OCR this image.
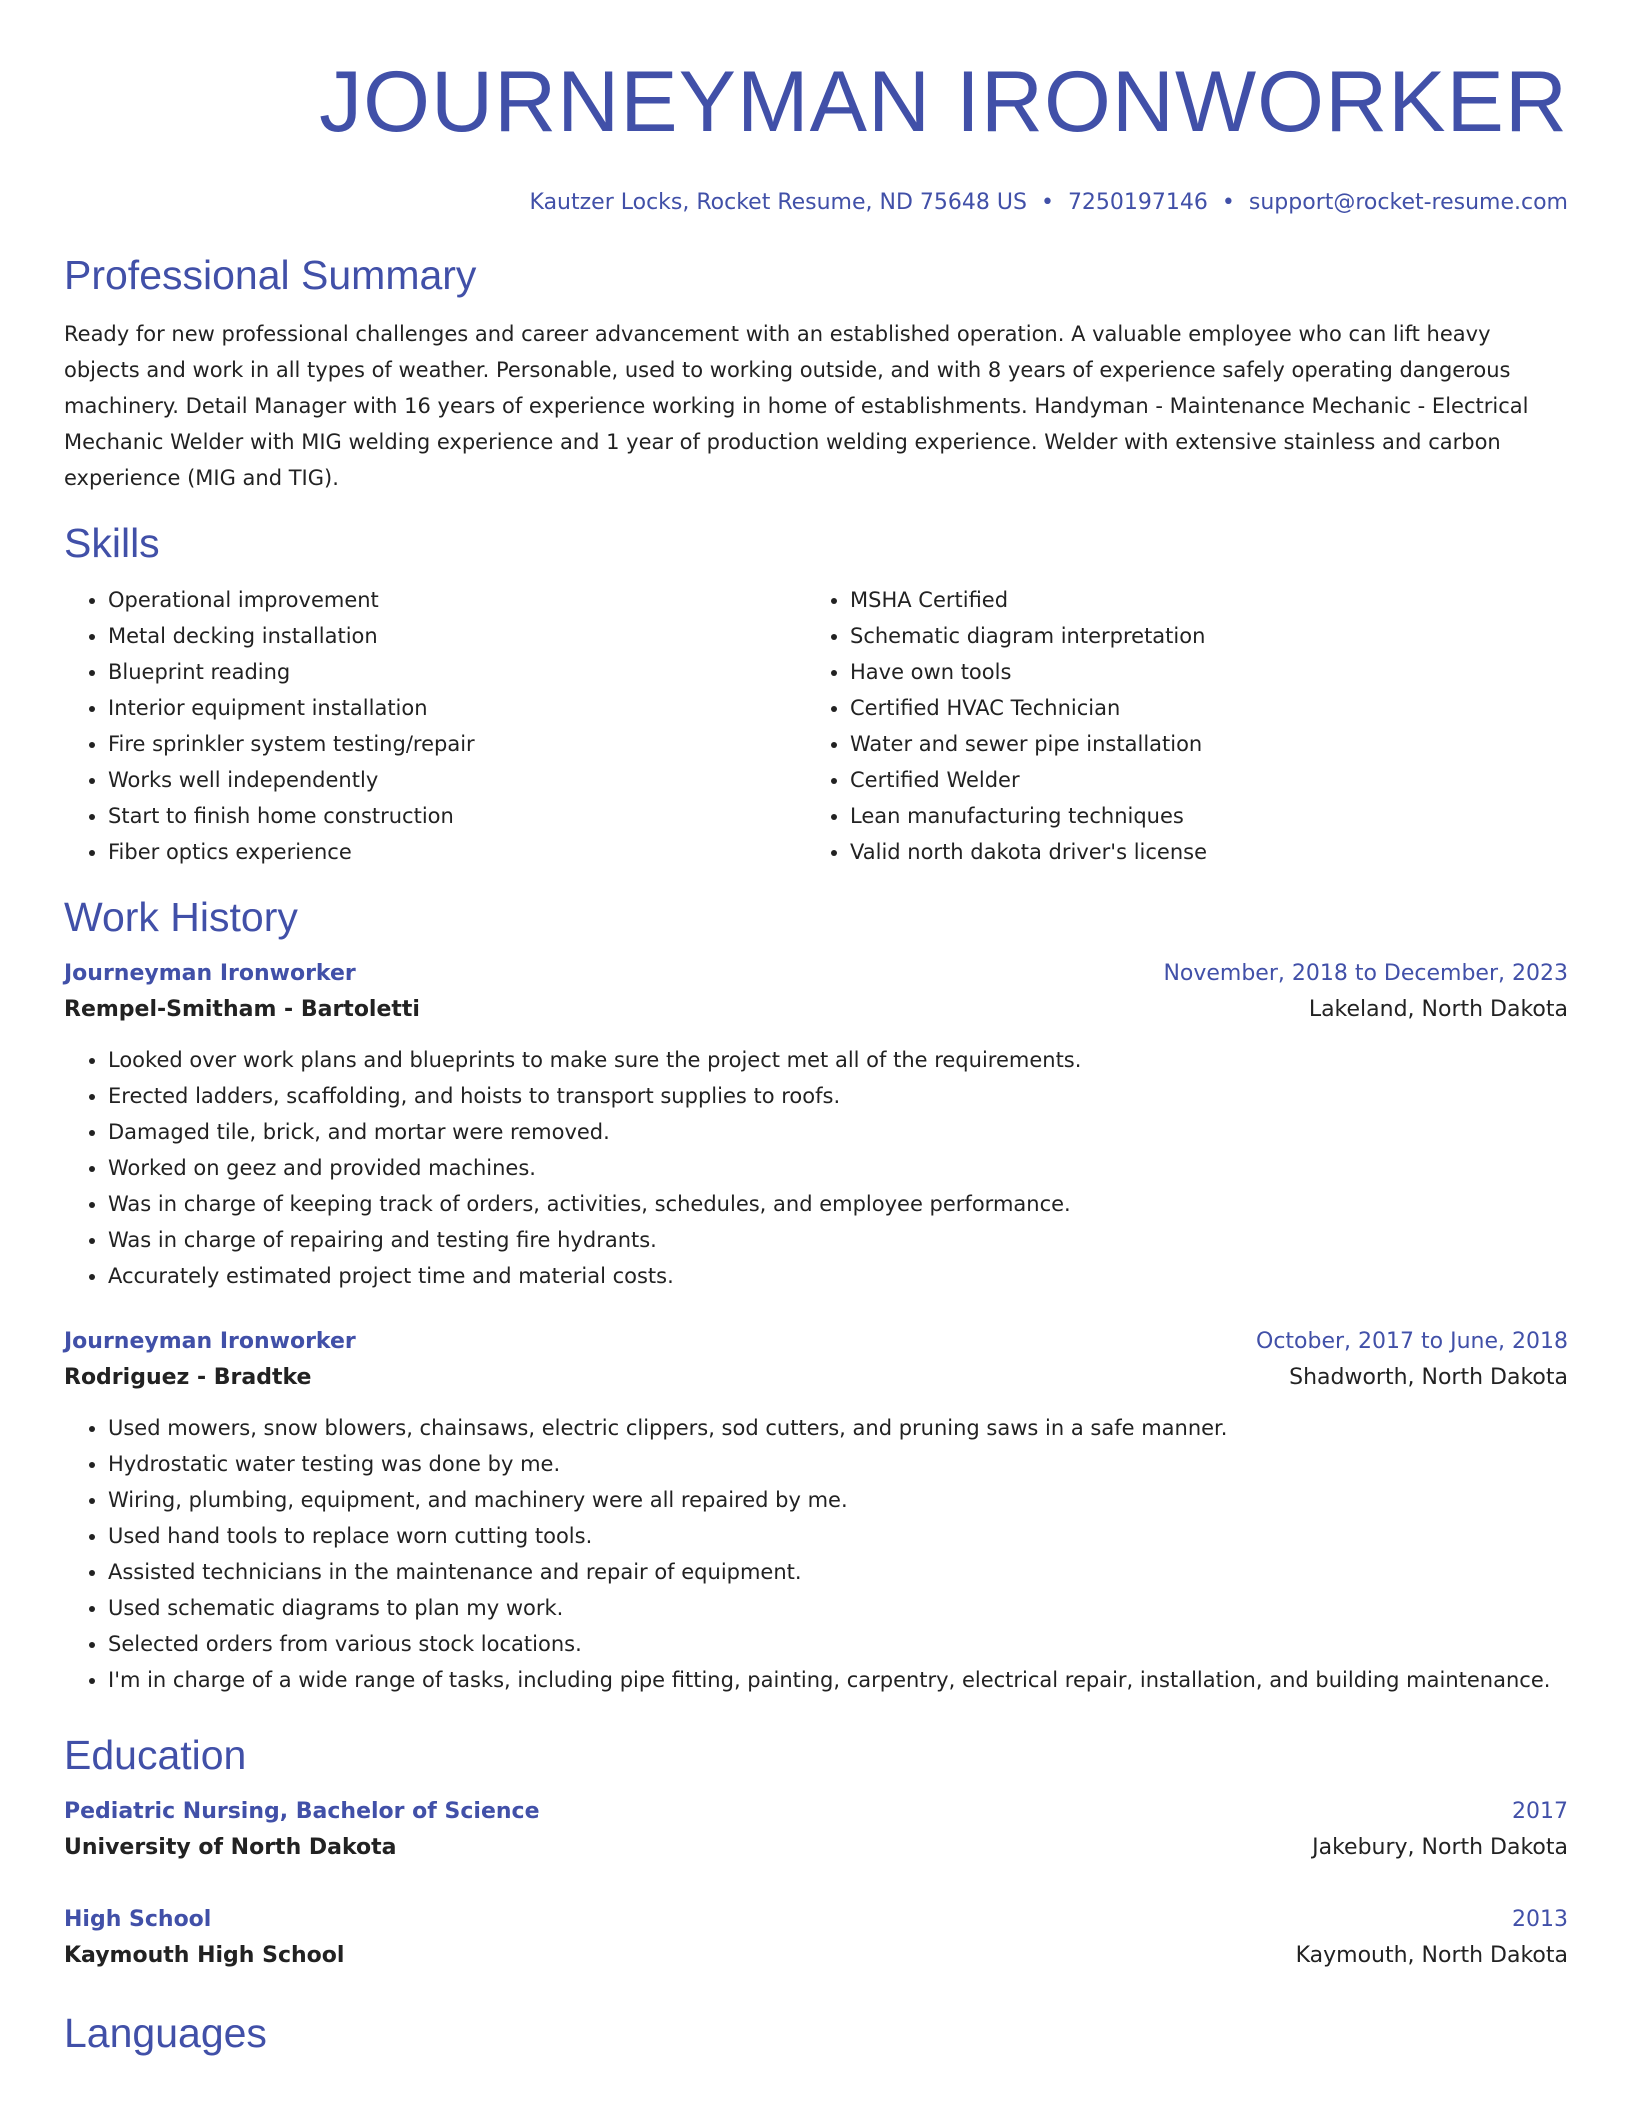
JOURNEYMAN IRONWORKER
Kautzer Locks, Rocket Resume, ND 75648 US • 7250197146 • support@rocket-resume.com
Professional Summary
Ready for new professional challenges and career advancement with an established operation. A valuable employee who can lift heavy objects and work in all types of weather. Personable, used to working outside, and with 8 years of experience safely operating dangerous machinery. Detail Manager with 16 years of experience working in home of establishments. Handyman - Maintenance Mechanic - Electrical Mechanic Welder with MIG welding experience and 1 year of production welding experience. Welder with extensive stainless and carbon experience (MIG and TIG).
Skills
• Operational improvement
• Metal decking installation
• Blueprint reading
• Interior equipment installation
• Fire sprinkler system testing/repair
• Works well independently
• Start to finish home construction
• Fiber optics experience
• MSHA Certified
• Schematic diagram interpretation
• Have own tools
• Certified HVAC Technician
• Water and sewer pipe installation
• Certified Welder
• Lean manufacturing techniques
• Valid north dakota driver's license
Work History
Journeyman Ironworker	November, 2018 to December, 2023
Rempel-Smitham - Bartoletti	Lakeland, North Dakota
• Looked over work plans and blueprints to make sure the project met all of the requirements.
• Erected ladders, scaffolding, and hoists to transport supplies to roofs.
• Damaged tile, brick, and mortar were removed.
• Worked on geez and provided machines.
• Was in charge of keeping track of orders, activities, schedules, and employee performance.
• Was in charge of repairing and testing fire hydrants.
• Accurately estimated project time and material costs.
Journeyman Ironworker	October, 2017 to June, 2018
Rodriguez - Bradtke	Shadworth, North Dakota
• Used mowers, snow blowers, chainsaws, electric clippers, sod cutters, and pruning saws in a safe manner.
• Hydrostatic water testing was done by me.
• Wiring, plumbing, equipment, and machinery were all repaired by me.
• Used hand tools to replace worn cutting tools.
• Assisted technicians in the maintenance and repair of equipment.
• Used schematic diagrams to plan my work.
• Selected orders from various stock locations.
• I'm in charge of a wide range of tasks, including pipe fitting, painting, carpentry, electrical repair, installation, and building maintenance.
Education
Pediatric Nursing, Bachelor of Science	2017
University of North Dakota	Jakebury, North Dakota
High School	2013
Kaymouth High School	Kaymouth, North Dakota
Languages
